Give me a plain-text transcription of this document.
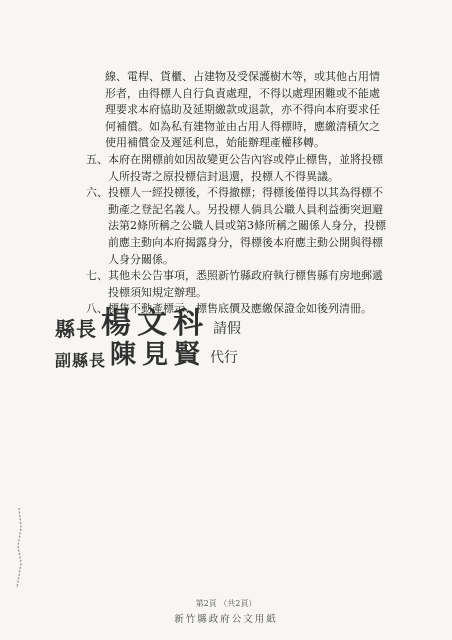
線、電桿、貨櫃、占建物及受保護樹木等，或其他占用情
形者，由得標人自行負責處理，不得以處理困難或不能處
理要求本府協助及延期繳款或退款，亦不得向本府要求任
何補償。如為私有建物並由占用人得標時，應繳清積欠之
使用補償金及遲延利息，始能辦理產權移轉。
五、 本府在開標前如因故變更公告內容或停止標售，並將投標
人所投寄之原投標信封退還，投標人不得異議。
六、 投標人一經投標後，不得撤標；得標後僅得以其為得標不
動產之登記名義人。另投標人倘具公職人員利益衝突迴避
法第2條所稱之公職人員或第3條所稱之關係人身分，投標
前應主動向本府揭露身分，得標後本府應主動公開與得標
人身分關係。
七、 其他未公告事項，悉照新竹縣政府執行標售縣有房地郵遞
投標須知規定辦理。
八、 標售不動產標示、標售底價及應繳保證金如後列清冊。
縣長 楊文科 請假
副縣長 陳見賢 代行
第2頁 （共2頁）
新竹縣政府公文用紙
